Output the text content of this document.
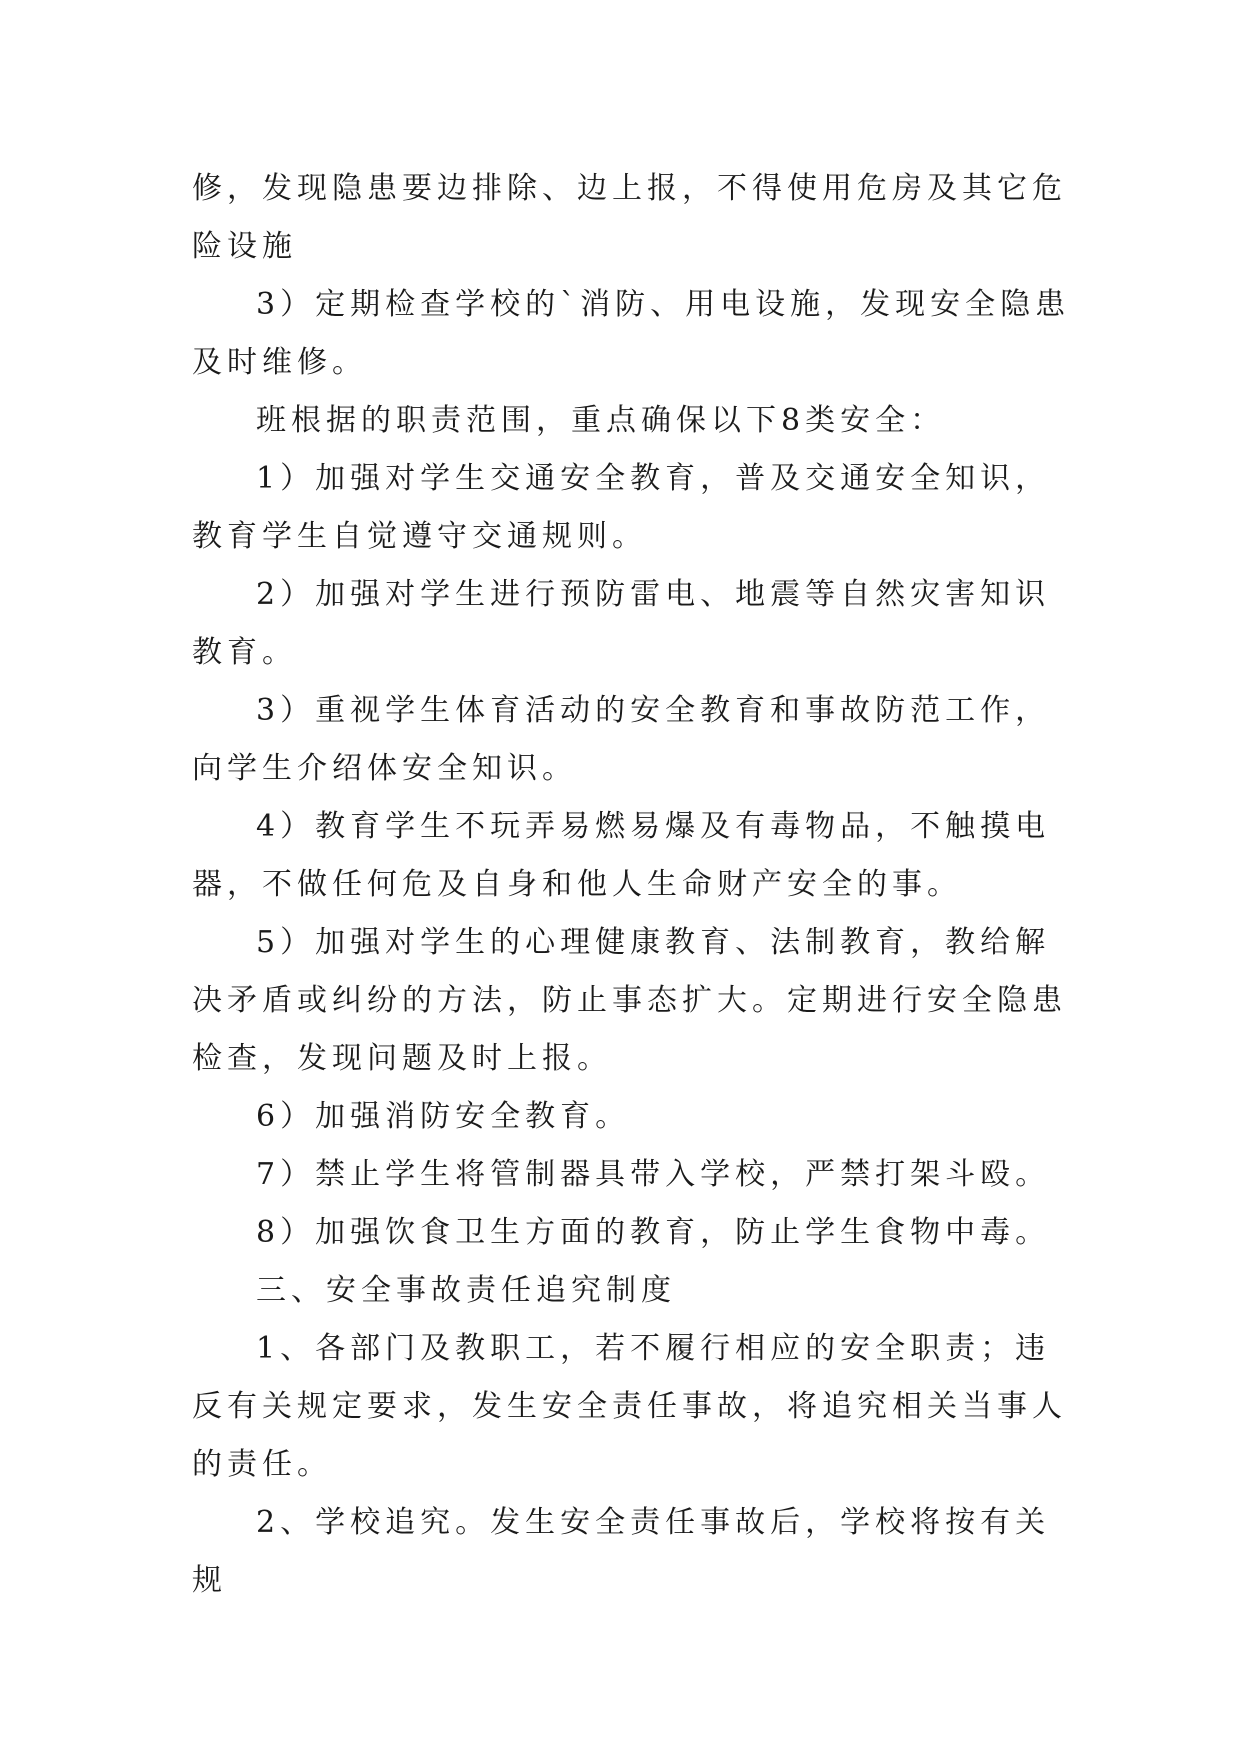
修，发现隐患要边排除、边上报，不得使用危房及其它危险设施

3）定期检查学校的`消防、用电设施，发现安全隐患及时维修。

班根据的职责范围，重点确保以下8类安全：

1）加强对学生交通安全教育，普及交通安全知识，教育学生自觉遵守交通规则。

2）加强对学生进行预防雷电、地震等自然灾害知识教育。

3）重视学生体育活动的安全教育和事故防范工作，向学生介绍体安全知识。

4）教育学生不玩弄易燃易爆及有毒物品，不触摸电器，不做任何危及自身和他人生命财产安全的事。

5）加强对学生的心理健康教育、法制教育，教给解决矛盾或纠纷的方法，防止事态扩大。定期进行安全隐患检查，发现问题及时上报。

6）加强消防安全教育。

7）禁止学生将管制器具带入学校，严禁打架斗殴。

8）加强饮食卫生方面的教育，防止学生食物中毒。

三、安全事故责任追究制度

1、各部门及教职工，若不履行相应的安全职责；违反有关规定要求，发生安全责任事故，将追究相关当事人的责任。

2、学校追究。发生安全责任事故后，学校将按有关规
